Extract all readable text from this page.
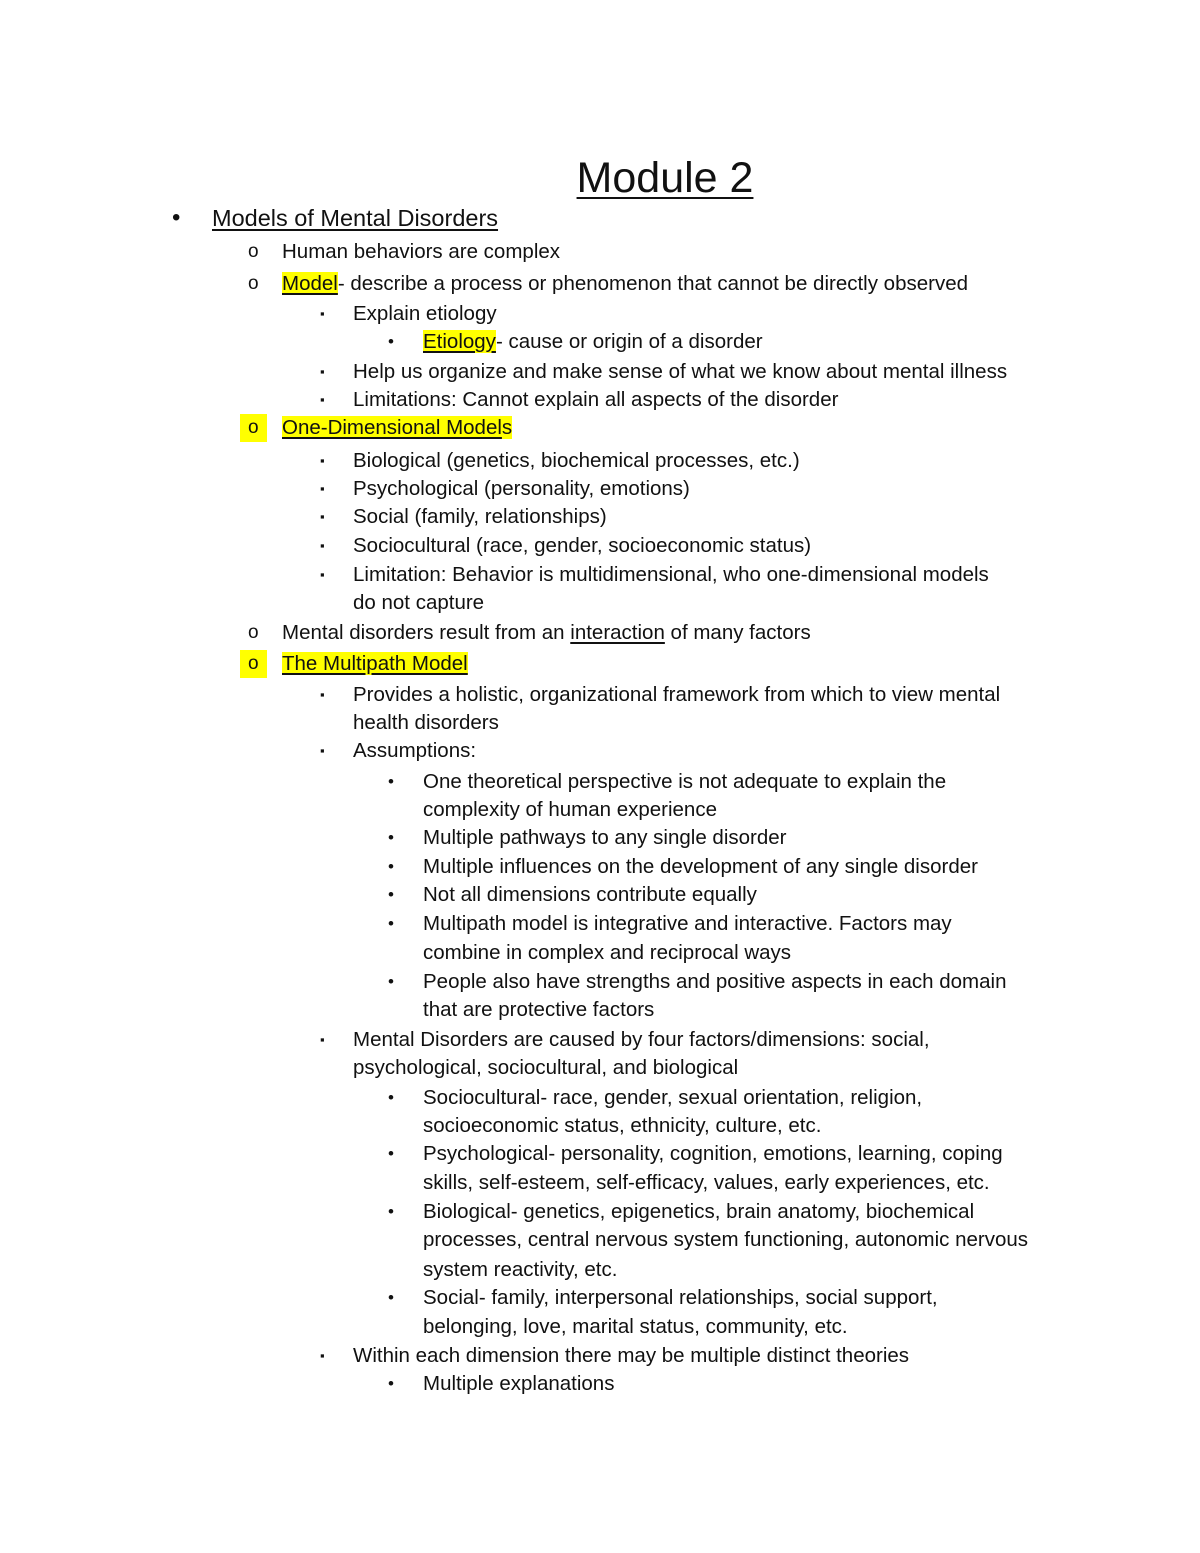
Module 2
• Models of Mental Disorders
o Human behaviors are complex
o Model- describe a process or phenomenon that cannot be directly observed
▪ Explain etiology
• Etiology- cause or origin of a disorder
▪ Help us organize and make sense of what we know about mental illness
▪ Limitations: Cannot explain all aspects of the disorder
o	One-Dimensional Models
▪ Biological (genetics, biochemical processes, etc.)
▪ Psychological (personality, emotions)
▪ Social (family, relationships)
▪ Sociocultural (race, gender, socioeconomic status)
▪ Limitation: Behavior is multidimensional, who one-dimensional models
do not capture
o Mental disorders result from an interaction of many factors
o	The Multipath Model
▪ Provides a holistic, organizational framework from which to view mental
health disorders
▪ Assumptions:
• One theoretical perspective is not adequate to explain the
complexity of human experience
• Multiple pathways to any single disorder
• Multiple influences on the development of any single disorder
• Not all dimensions contribute equally
• Multipath model is integrative and interactive. Factors may
combine in complex and reciprocal ways
• People also have strengths and positive aspects in each domain
that are protective factors
▪ Mental Disorders are caused by four factors/dimensions: social,
psychological, sociocultural, and biological
• Sociocultural- race, gender, sexual orientation, religion,
socioeconomic status, ethnicity, culture, etc.
• Psychological- personality, cognition, emotions, learning, coping
skills, self-esteem, self-efficacy, values, early experiences, etc.
• Biological- genetics, epigenetics, brain anatomy, biochemical
processes, central nervous system functioning, autonomic nervous
system reactivity, etc.
• Social- family, interpersonal relationships, social support,
belonging, love, marital status, community, etc.
▪ Within each dimension there may be multiple distinct theories
• Multiple explanations
